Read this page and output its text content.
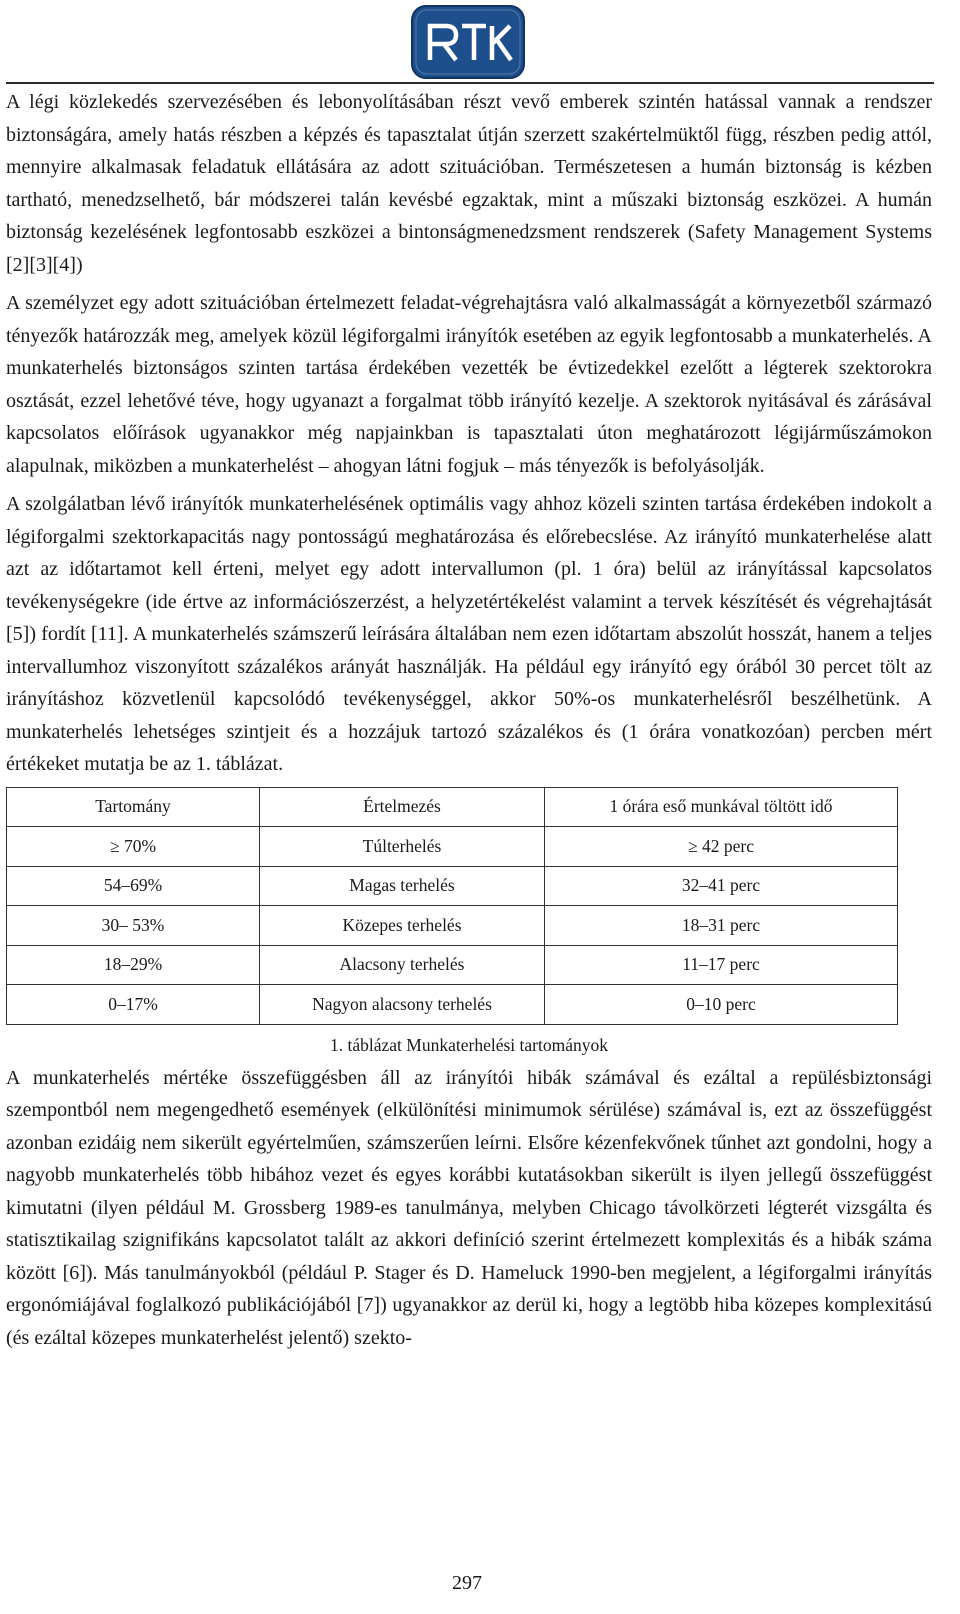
A légi közlekedés szervezésében és lebonyolításában részt vevő emberek szintén hatással vannak a rendszer biztonságára, amely hatás részben a képzés és tapasztalat útján szerzett szakértelmüktől függ, részben pedig attól, mennyire alkalmasak feladatuk ellátására az adott szituációban. Természetesen a humán biztonság is kézben tartható, menedzselhető, bár módszerei talán kevésbé egzaktak, mint a műszaki biztonság eszközei. A humán biztonság kezelésének legfontosabb eszközei a bintonságmenedzsment rendszerek (Safety Management Systems [2][3][4])

A személyzet egy adott szituációban értelmezett feladat-végrehajtásra való alkalmasságát a környezetből származó tényezők határozzák meg, amelyek közül légiforgalmi irányítók esetében az egyik legfontosabb a munkaterhelés. A munkaterhelés biztonságos szinten tartása érdekében vezették be évtizedekkel ezelőtt a légterek szektorokra osztását, ezzel lehetővé téve, hogy ugyanazt a forgalmat több irányító kezelje. A szektorok nyitásával és zárásával kapcsolatos előírások ugyanakkor még napjainkban is tapasztalati úton meghatározott légijárműszámokon alapulnak, miközben a munkaterhelést – ahogyan látni fogjuk – más tényezők is befolyásolják.

A szolgálatban lévő irányítók munkaterhelésének optimális vagy ahhoz közeli szinten tartása érdekében indokolt a légiforgalmi szektorkapacitás nagy pontosságú meghatározása és előrebecslése. Az irányító munkaterhelése alatt azt az időtartamot kell érteni, melyet egy adott intervallumon (pl. 1 óra) belül az irányítással kapcsolatos tevékenységekre (ide értve az információszerzést, a helyzetértékelést valamint a tervek készítését és végrehajtását [5]) fordít [11]. A munkaterhelés számszerű leírására általában nem ezen időtartam abszolút hosszát, hanem a teljes intervallumhoz viszonyított százalékos arányát használják. Ha például egy irányító egy órából 30 percet tölt az irányításhoz közvetlenül kapcsolódó tevékenységgel, akkor 50%-os munkaterhelésről beszélhetünk. A munkaterhelés lehetséges szintjeit és a hozzájuk tartozó százalékos és (1 órára vonatkozóan) percben mért értékeket mutatja be az 1. táblázat.

Tartomány	Értelmezés	1 órára eső munkával töltött idő
≥ 70%	Túlterhelés	≥ 42 perc
54–69%	Magas terhelés	32–41 perc
30– 53%	Közepes terhelés	18–31 perc
18–29%	Alacsony terhelés	11–17 perc
0–17%	Nagyon alacsony terhelés	0–10 perc
1. táblázat Munkaterhelési tartományok

A munkaterhelés mértéke összefüggésben áll az irányítói hibák számával és ezáltal a repülésbiztonsági szempontból nem megengedhető események (elkülönítési minimumok sérülése) számával is, ezt az összefüggést azonban ezidáig nem sikerült egyértelműen, számszerűen leírni. Elsőre kézenfekvőnek tűnhet azt gondolni, hogy a nagyobb munkaterhelés több hibához vezet és egyes korábbi kutatásokban sikerült is ilyen jellegű összefüggést kimutatni (ilyen például M. Grossberg 1989-es tanulmánya, melyben Chicago távolkörzeti légterét vizsgálta és statisztikailag szignifikáns kapcsolatot talált az akkori definíció szerint értelmezett komplexitás és a hibák száma között [6]). Más tanulmányokból (például P. Stager és D. Hameluck 1990-ben megjelent, a légiforgalmi irányítás ergonómiájával foglalkozó publikációjából [7]) ugyanakkor az derül ki, hogy a legtöbb hiba közepes komplexitású (és ezáltal közepes munkaterhelést jelentő) szekto-

297
